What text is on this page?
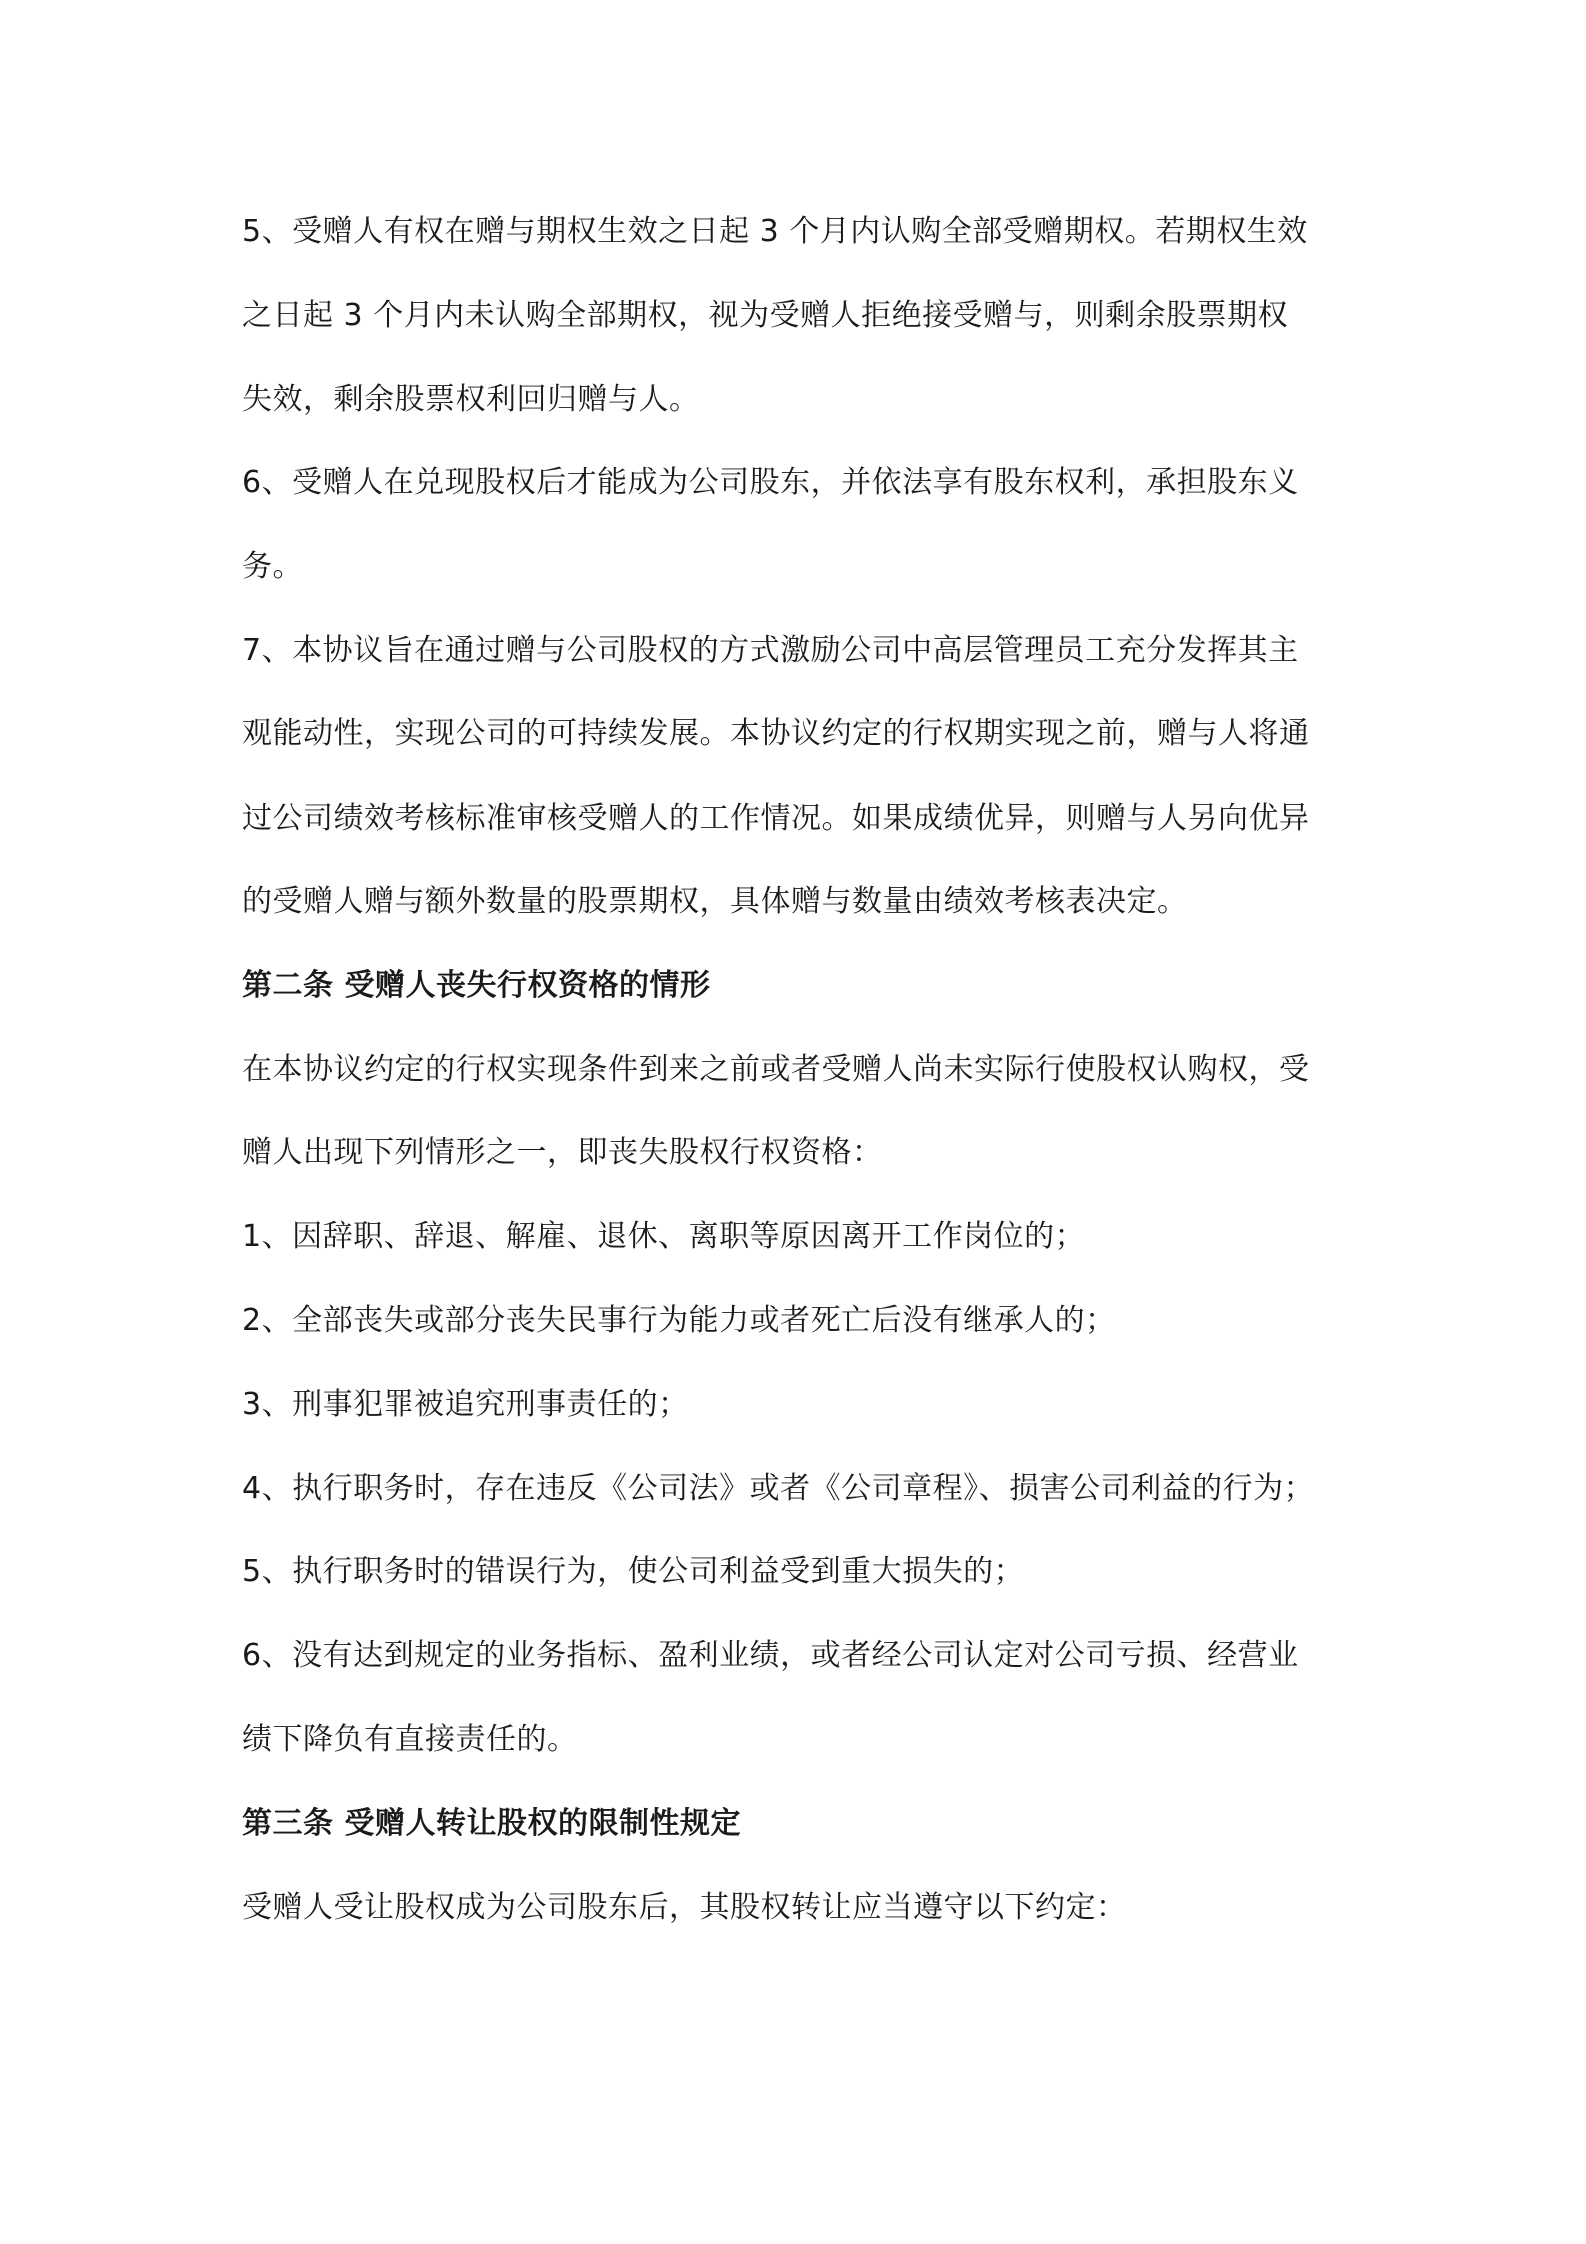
5、受赠人有权在赠与期权生效之日起 3 个月内认购全部受赠期权。若期权生效
之日起 3 个月内未认购全部期权，视为受赠人拒绝接受赠与，则剩余股票期权
失效，剩余股票权利回归赠与人。
6、受赠人在兑现股权后才能成为公司股东，并依法享有股东权利，承担股东义
务。
7、本协议旨在通过赠与公司股权的方式激励公司中高层管理员工充分发挥其主
观能动性，实现公司的可持续发展。本协议约定的行权期实现之前，赠与人将通
过公司绩效考核标准审核受赠人的工作情况。如果成绩优异，则赠与人另向优异
的受赠人赠与额外数量的股票期权，具体赠与数量由绩效考核表决定。
第二条 受赠人丧失行权资格的情形
在本协议约定的行权实现条件到来之前或者受赠人尚未实际行使股权认购权，受
赠人出现下列情形之一，即丧失股权行权资格：
1、因辞职、辞退、解雇、退休、离职等原因离开工作岗位的；
2、全部丧失或部分丧失民事行为能力或者死亡后没有继承人的；
3、刑事犯罪被追究刑事责任的；
4、执行职务时，存在违反《公司法》或者《公司章程》、损害公司利益的行为；
5、执行职务时的错误行为，使公司利益受到重大损失的；
6、没有达到规定的业务指标、盈利业绩，或者经公司认定对公司亏损、经营业
绩下降负有直接责任的。
第三条 受赠人转让股权的限制性规定
受赠人受让股权成为公司股东后，其股权转让应当遵守以下约定：
